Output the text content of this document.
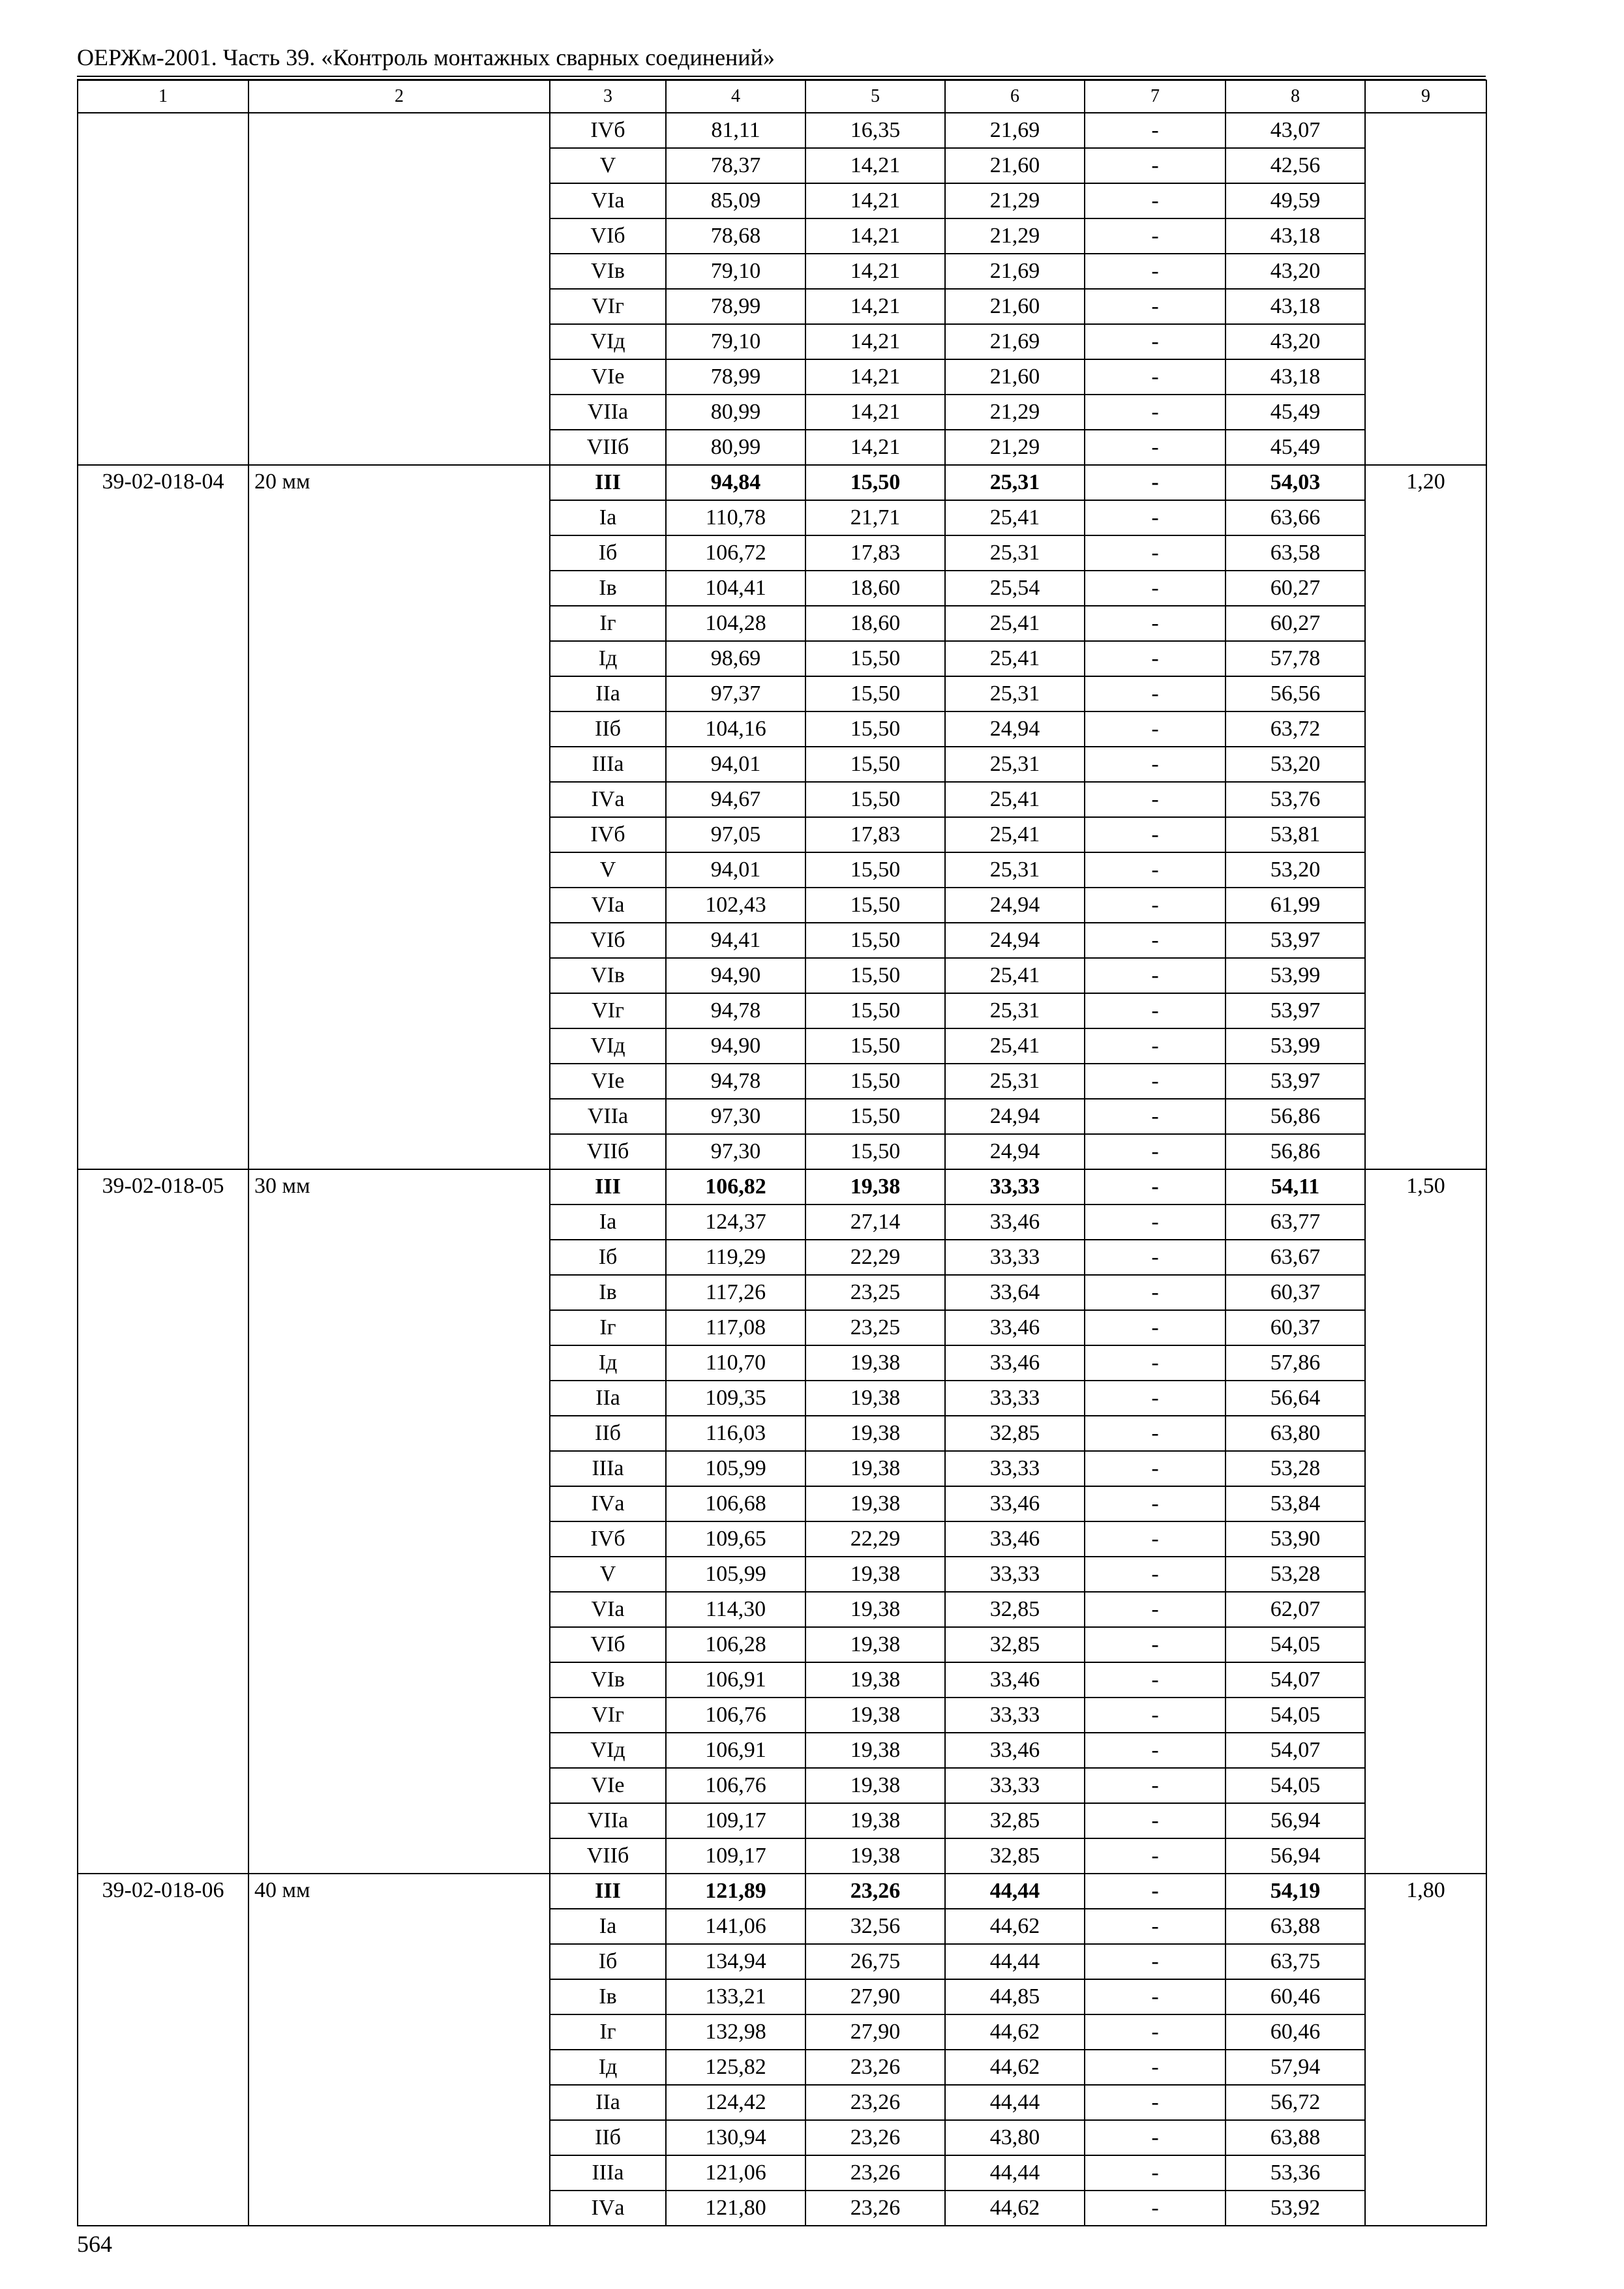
ОЕРЖм-2001. Часть 39. «Контроль монтажных сварных соединений»
1	2	3	4	5	6	7	8	9
		IVб	81,11	16,35	21,69	-	43,07	
		V	78,37	14,21	21,60	-	42,56	
		VIа	85,09	14,21	21,29	-	49,59	
		VIб	78,68	14,21	21,29	-	43,18	
		VIв	79,10	14,21	21,69	-	43,20	
		VIг	78,99	14,21	21,60	-	43,18	
		VIд	79,10	14,21	21,69	-	43,20	
		VIе	78,99	14,21	21,60	-	43,18	
		VIIа	80,99	14,21	21,29	-	45,49	
		VIIб	80,99	14,21	21,29	-	45,49	
39-02-018-04	20 мм	III	94,84	15,50	25,31	-	54,03	1,20
		Iа	110,78	21,71	25,41	-	63,66	
		Iб	106,72	17,83	25,31	-	63,58	
		Iв	104,41	18,60	25,54	-	60,27	
		Iг	104,28	18,60	25,41	-	60,27	
		Iд	98,69	15,50	25,41	-	57,78	
		IIа	97,37	15,50	25,31	-	56,56	
		IIб	104,16	15,50	24,94	-	63,72	
		IIIа	94,01	15,50	25,31	-	53,20	
		IVа	94,67	15,50	25,41	-	53,76	
		IVб	97,05	17,83	25,41	-	53,81	
		V	94,01	15,50	25,31	-	53,20	
		VIа	102,43	15,50	24,94	-	61,99	
		VIб	94,41	15,50	24,94	-	53,97	
		VIв	94,90	15,50	25,41	-	53,99	
		VIг	94,78	15,50	25,31	-	53,97	
		VIд	94,90	15,50	25,41	-	53,99	
		VIе	94,78	15,50	25,31	-	53,97	
		VIIа	97,30	15,50	24,94	-	56,86	
		VIIб	97,30	15,50	24,94	-	56,86	
39-02-018-05	30 мм	III	106,82	19,38	33,33	-	54,11	1,50
		Iа	124,37	27,14	33,46	-	63,77	
		Iб	119,29	22,29	33,33	-	63,67	
		Iв	117,26	23,25	33,64	-	60,37	
		Iг	117,08	23,25	33,46	-	60,37	
		Iд	110,70	19,38	33,46	-	57,86	
		IIа	109,35	19,38	33,33	-	56,64	
		IIб	116,03	19,38	32,85	-	63,80	
		IIIа	105,99	19,38	33,33	-	53,28	
		IVа	106,68	19,38	33,46	-	53,84	
		IVб	109,65	22,29	33,46	-	53,90	
		V	105,99	19,38	33,33	-	53,28	
		VIа	114,30	19,38	32,85	-	62,07	
		VIб	106,28	19,38	32,85	-	54,05	
		VIв	106,91	19,38	33,46	-	54,07	
		VIг	106,76	19,38	33,33	-	54,05	
		VIд	106,91	19,38	33,46	-	54,07	
		VIе	106,76	19,38	33,33	-	54,05	
		VIIа	109,17	19,38	32,85	-	56,94	
		VIIб	109,17	19,38	32,85	-	56,94	
39-02-018-06	40 мм	III	121,89	23,26	44,44	-	54,19	1,80
		Iа	141,06	32,56	44,62	-	63,88	
		Iб	134,94	26,75	44,44	-	63,75	
		Iв	133,21	27,90	44,85	-	60,46	
		Iг	132,98	27,90	44,62	-	60,46	
		Iд	125,82	23,26	44,62	-	57,94	
		IIа	124,42	23,26	44,44	-	56,72	
		IIб	130,94	23,26	43,80	-	63,88	
		IIIа	121,06	23,26	44,44	-	53,36	
		IVа	121,80	23,26	44,62	-	53,92	
564
